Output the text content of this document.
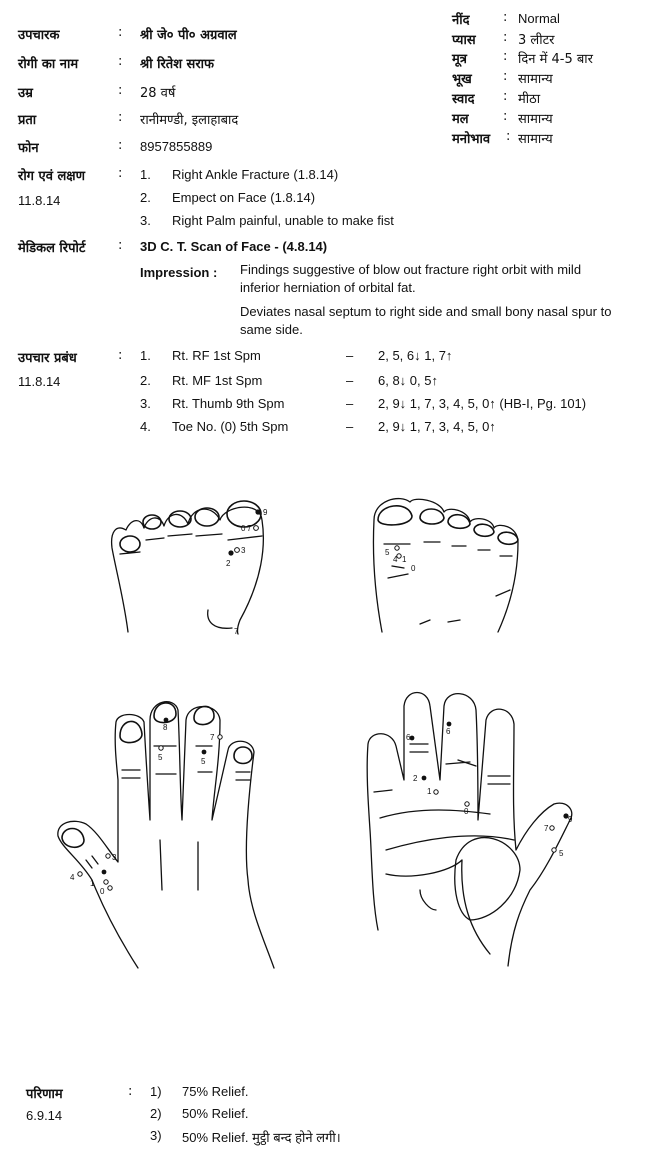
उपचारक	: श्री जे० पी० अग्रवाल
रोगी का नाम	: श्री रितेश सराफ
उम्र	: 28 वर्ष
प्रता	: रानीमण्डी, इलाहाबाद
फोन	: 8957855889
नींद	: Normal
प्यास : 3 लीटर
मूत्र	: दिन में 4-5 बार
भूख : सामान्य
स्वाद : मीठा
मल	: सामान्य
मनोभाव : सामान्य
रोग एवं लक्षण	:
11.8.14
1. Right Ankle Fracture (1.8.14)
2. Empect on Face (1.8.14)
3. Right Palm painful, unable to make fist
मेडिकल रिपोर्ट	: 3D C. T. Scan of Face - (4.8.14)
Impression : Findings suggestive of blow out fracture right orbit with mild inferior herniation of orbital fat.
Deviates nasal septum to right side and small bony nasal spur to same side.
उपचार प्रबंध	:
11.8.14
1. Rt. RF 1st Spm	– 2, 5, 6↓ 1, 7↑
2. Rt. MF 1st Spm	– 6, 8↓ 0, 5↑
3. Rt. Thumb 9th Spm	– 2, 9↓ 1, 7, 3, 4, 5, 0↑ (HB-I, Pg. 101)
4. Toe No. (0) 5th Spm	– 2, 9↓ 1, 7, 3, 4, 5, 0↑
9
7
0
3
2
7
5
4 1
0
8
5
7
5
3
4
1
0
6
6
2
1
0
9
7
5
परिणाम	:
6.9.14
1) 75% Relief.
2) 50% Relief.
3) 50% Relief. मुट्ठी बन्द होने लगी।
